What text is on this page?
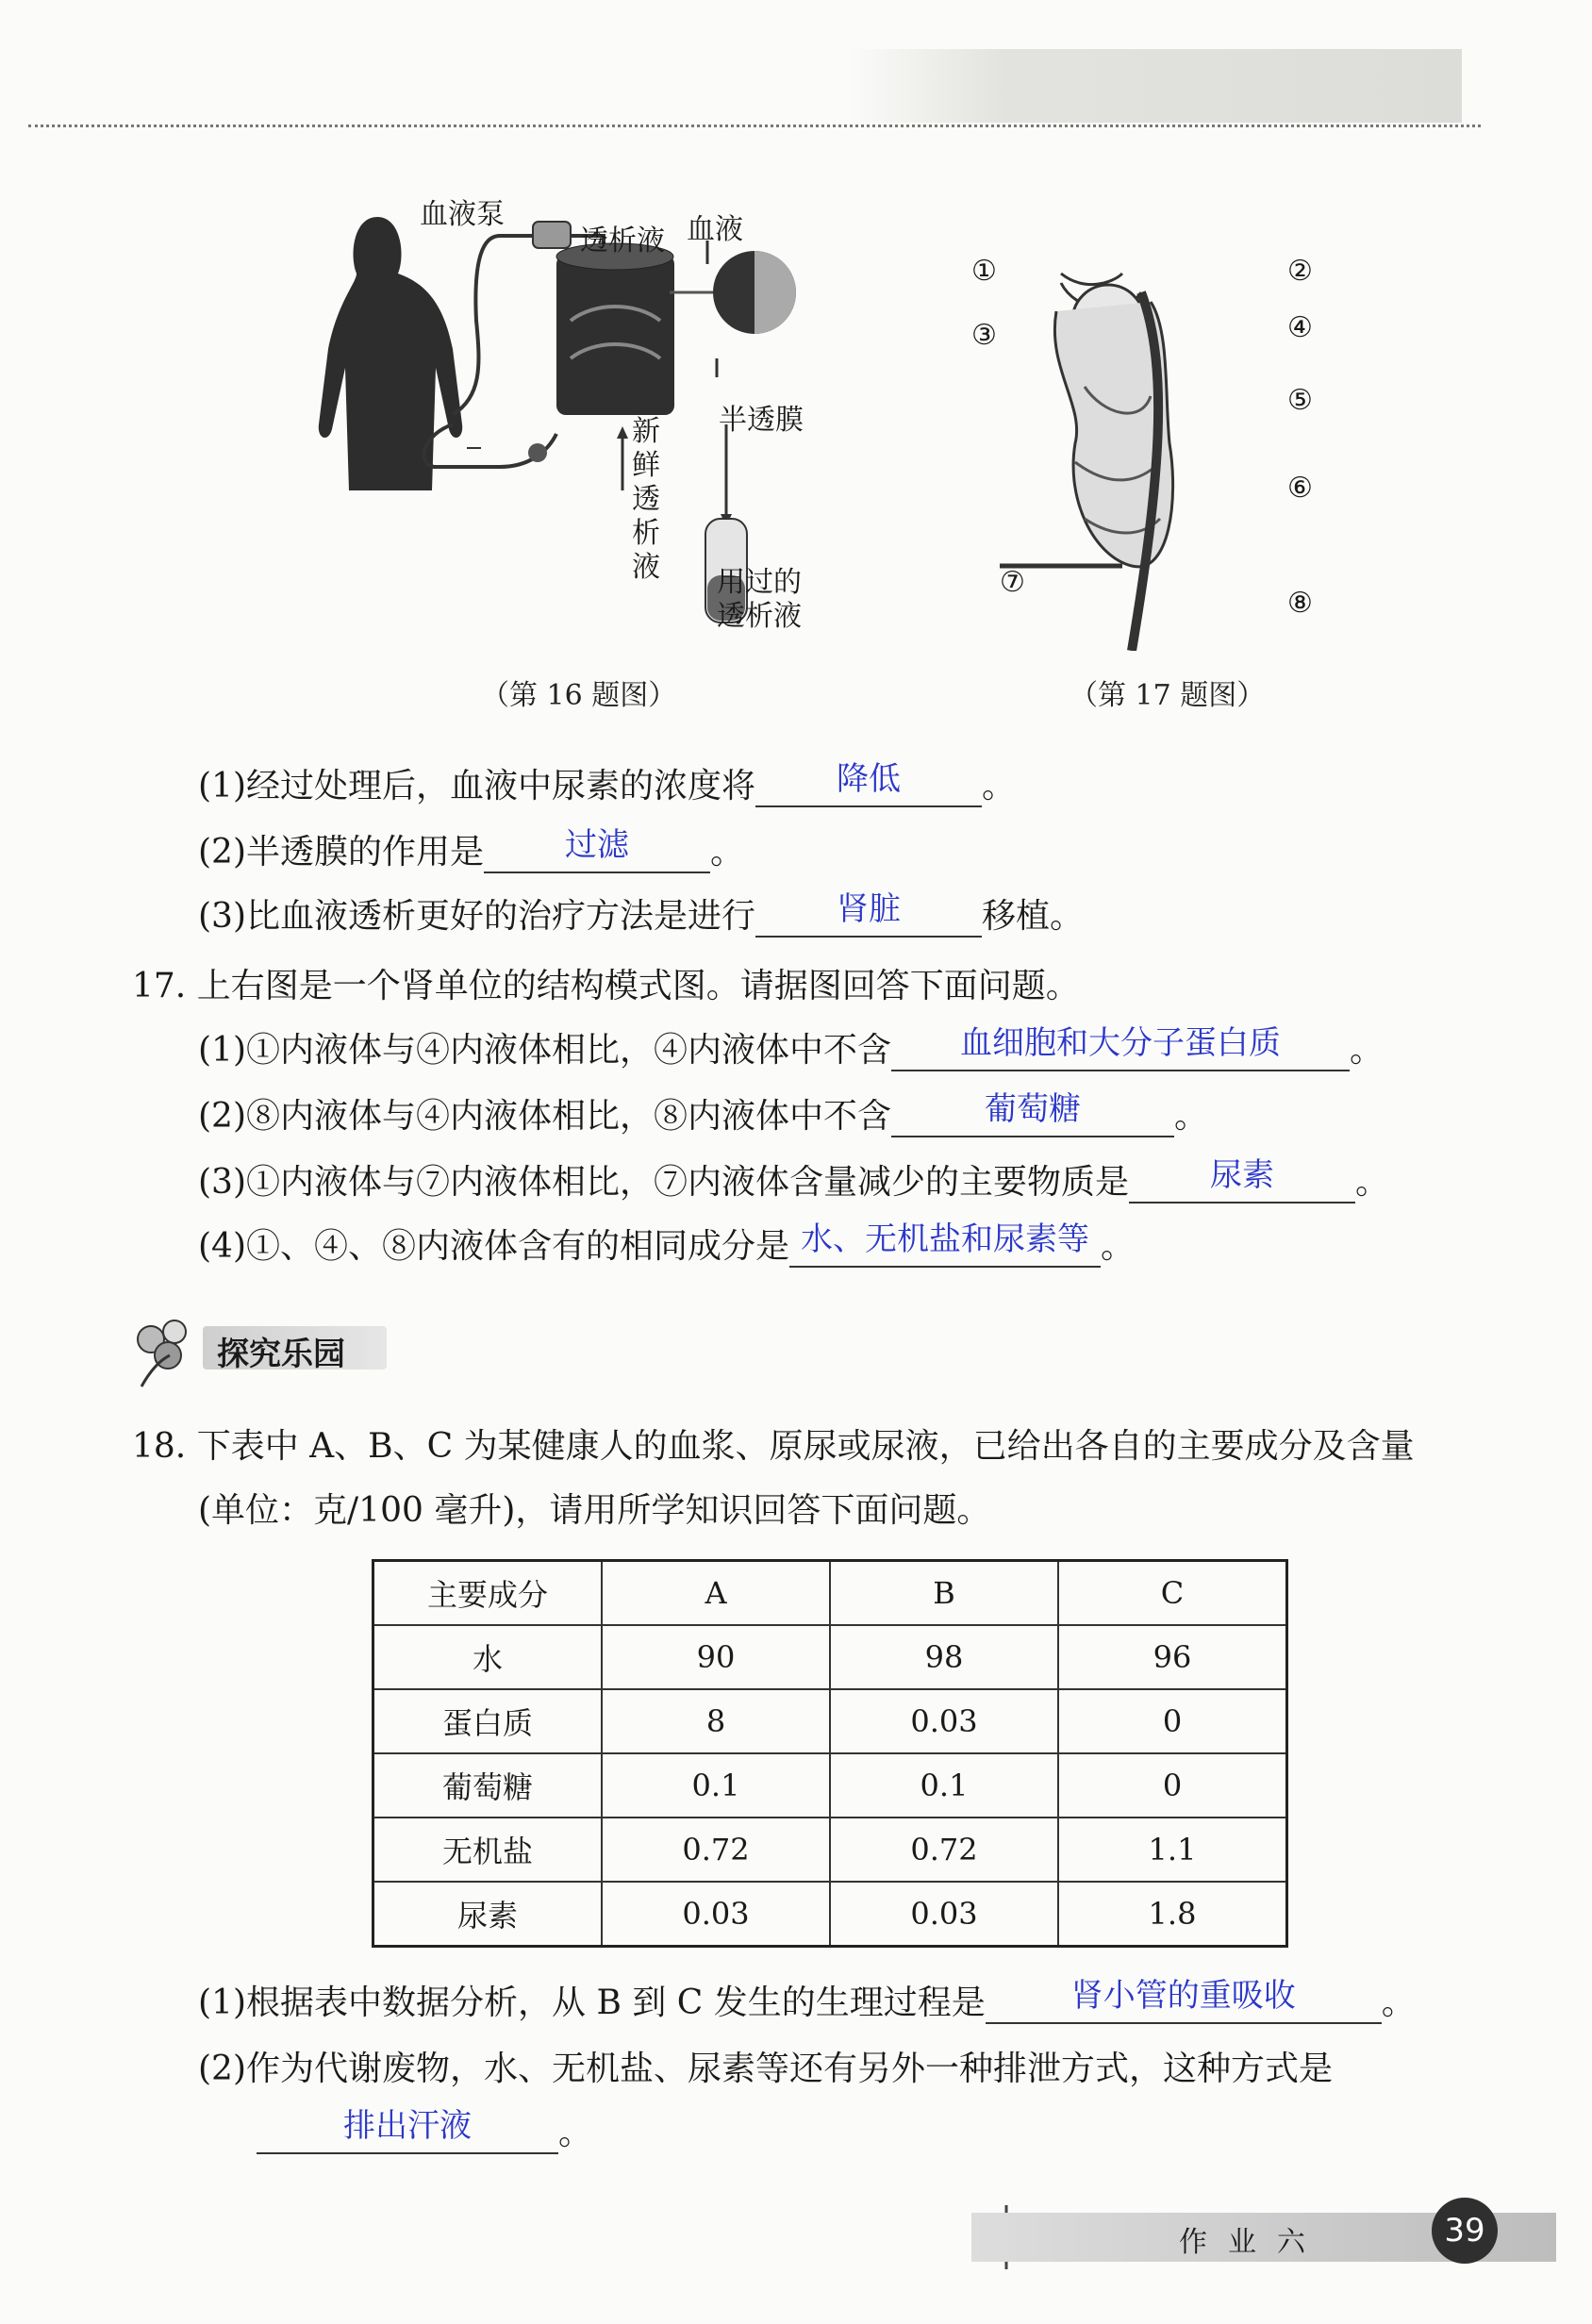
血液泵
透析液 血液
半透膜
新
鲜
透
析
液 用过的
透析液
（第 16 题图）
①	②
③	④
⑤
⑥
⑦
⑧
（第 17 题图）
(1)经过处理后，血液中尿素的浓度将	降低	。
(2)半透膜的作用是	过滤	。
(3)比血液透析更好的治疗方法是进行	肾脏	移植。
17. 上右图是一个肾单位的结构模式图。请据图回答下面问题。
(1)①内液体与④内液体相比，④内液体中不含	血细胞和大分子蛋白质	。
(2)⑧内液体与④内液体相比，⑧内液体中不含	葡萄糖	。
(3)①内液体与⑦内液体相比，⑦内液体含量减少的主要物质是	尿素	。
(4)①、④、⑧内液体含有的相同成分是 水、无机盐和尿素等 。
探究乐园
18. 下表中 A、B、C 为某健康人的血浆、原尿或尿液，已给出各自的主要成分及含量
(单位：克/100 毫升)，请用所学知识回答下面问题。
主要成分	A	B	C
水	90	98	96
蛋白质	8	0.03	0
葡萄糖	0.1	0.1	0
无机盐	0.72	0.72	1.1
尿素	0.03	0.03	1.8
(1)根据表中数据分析，从 B 到 C 发生的生理过程是	肾小管的重吸收	。
(2)作为代谢废物，水、无机盐、尿素等还有另外一种排泄方式，这种方式是
排出汗液	。
作业六	39
